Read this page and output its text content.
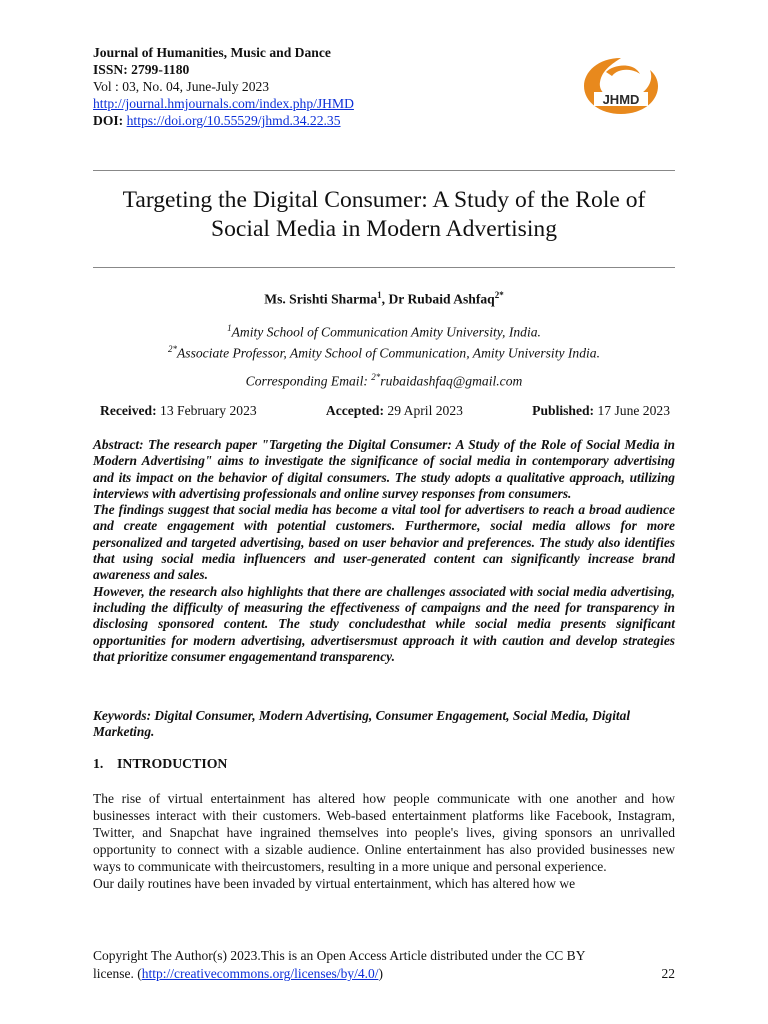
Journal of Humanities, Music and Dance
ISSN: 2799-1180
Vol : 03, No. 04, June-July 2023
http://journal.hmjournals.com/index.php/JHMD
DOI: https://doi.org/10.55529/jhmd.34.22.35
JHMD
Targeting the Digital Consumer: A Study of the Role of
Social Media in Modern Advertising
Ms. Srishti Sharma$^1$, Dr Rubaid Ashfaq$^{2*}$
$^1$Amity School of Communication Amity University, India.
$^{2*}$Associate Professor, Amity School of Communication, Amity University India.
Corresponding Email: $^{2*}$rubaidashfaq@gmail.com
Received: 13 February 2023	Accepted: 29 April 2023	Published: 17 June 2023

Abstract: The research paper "Targeting the Digital Consumer: A Study of the Role of Social Media in Modern Advertising" aims to investigate the significance of social media in contemporary advertising and its impact on the behavior of digital consumers. The study adopts a qualitative approach, utilizing interviews with advertising professionals and online survey responses from consumers.

The findings suggest that social media has become a vital tool for advertisers to reach a broad audience and create engagement with potential customers. Furthermore, social media allows for more personalized and targeted advertising, based on user behavior and preferences. The study also identifies that using social media influencers and user-generated content can significantly increase brand awareness and sales.

However, the research also highlights that there are challenges associated with social media advertising, including the difficulty of measuring the effectiveness of campaigns and the need for transparency in disclosing sponsored content. The study concludesthat while social media presents significant opportunities for modern advertising, advertisersmust approach it with caution and develop strategies that prioritize consumer engagementand transparency.

Keywords: Digital Consumer, Modern Advertising, Consumer Engagement, Social Media, Digital Marketing.
1. INTRODUCTION

The rise of virtual entertainment has altered how people communicate with one another and how businesses interact with their customers. Web-based entertainment platforms like Facebook, Instagram, Twitter, and Snapchat have ingrained themselves into people's lives, giving sponsors an unrivalled opportunity to connect with a sizable audience. Online entertainment has also provided businesses new ways to communicate with theircustomers, resulting in a more unique and personal experience.

Our daily routines have been invaded by virtual entertainment, which has altered how we

Copyright The Author(s) 2023.This is an Open Access Article distributed under the CC BY
license. (http://creativecommons.org/licenses/by/4.0/)	22
